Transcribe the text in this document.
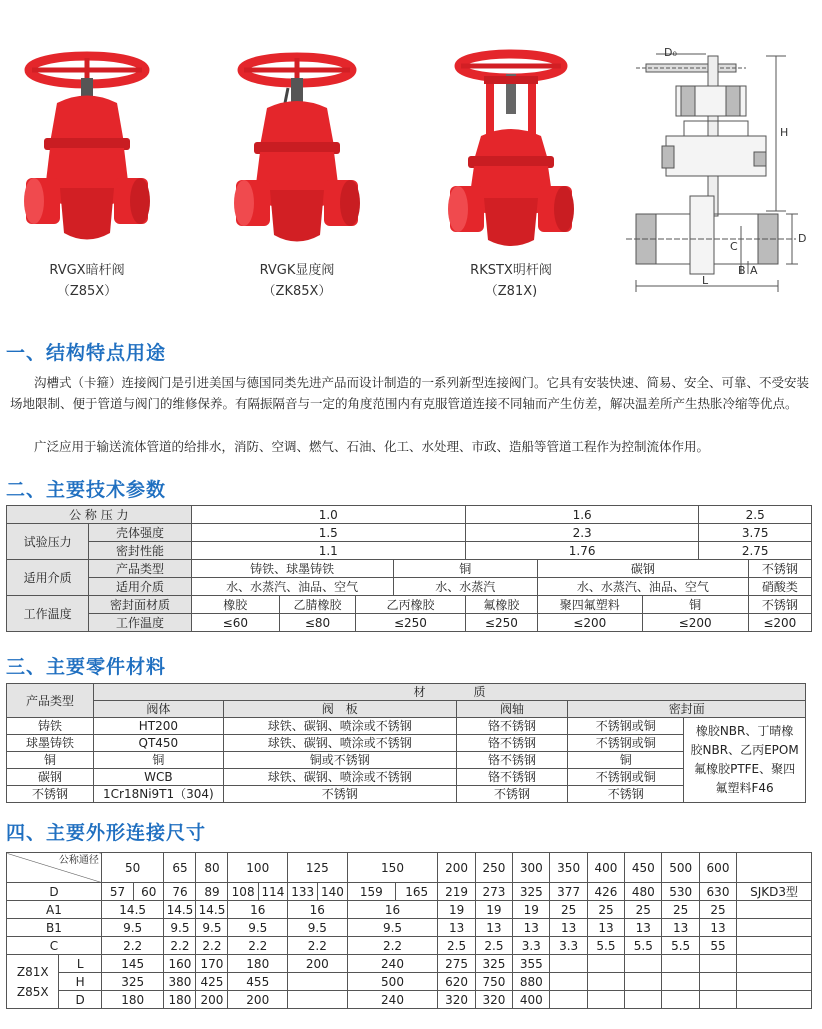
RVGX暗杆阀
（Z85X）
RVGK显度阀
（ZK85X）
RKSTX明杆阀
（Z81X)
D₀
H
D
C
B A
L
一、结构特点用途
沟槽式（卡箍）连接阀门是引进美国与德国同类先进产品而设计制造的一系列新型连接阀门。它具有安装快速、简易、安全、可靠、不受安装场地限制、便于管道与阀门的维修保养。有隔振隔音与一定的角度范围内有克服管道连接不同轴而产生仿差，解决温差所产生热胀冷缩等优点。
广泛应用于输送流体管道的给排水，消防、空调、燃气、石油、化工、水处理、市政、造船等管道工程作为控制流体作用。
二、主要技术参数
公 称 压 力		1.0				1.6			2.5	
试验压力	壳体强度	1.5				2.3			3.75	
	密封性能	1.1				1.76			2.75	
适用介质	产品类型	铸铁、球墨铸铁			铜		碳钢			不锈钢
	适用介质	水、水蒸汽、油品、空气			水、水蒸汽		水、水蒸汽、油品、空气			硝酸类
工作温度	密封面材质	橡胶	乙腈橡胶	乙丙橡胶		氟橡胶	聚四氟塑料	铜		不锈钢
	工作温度	≤60	≤80	≤250		≤250	≤200	≤200		≤200
三、主要零件材料
产品类型	材　　　　质				
	阀体	阀　板	阀轴	密封面	
铸铁	HT200	球铁、碳钢、喷涂或不锈钢	铬不锈钢	不锈钢或铜	橡胶NBR、丁晴橡
胶NBR、乙丙EPOM
氟橡胶PTFE、聚四
氟塑料F46

球墨铸铁	QT450	球铁、碳钢、喷涂或不锈钢	铬不锈钢	不锈钢或铜	
铜	铜	铜或不锈钢	铬不锈钢	铜	
碳钢	WCB	球铁、碳钢、喷涂或不锈钢	铬不锈钢	不锈钢或铜	
不锈钢	1Cr18Ni9T1（304)	不锈钢	不锈钢	不锈钢	
四、主要外形连接尺寸
公称通径		50		65	80	100		125		150		200	250	300	350	400	450	500	600	
D		57	60	76	89	108	114	133	140	159	165	219	273	325	377	426	480	530	630	SJKD3型
A1		14.5		14.5	14.5	16		16		16		19	19	19	25	25	25	25	25	
B1		9.5		9.5	9.5	9.5		9.5		9.5		13	13	13	13	13	13	13	13	
C		2.2		2.2	2.2	2.2		2.2		2.2		2.5	2.5	3.3	3.3	5.5	5.5	5.5	55	

Z81X
Z85X	L	145		160	170	180		200		240		275	325	355						
	H	325		380	425	455				500		620	750	880						
	D	180		180	200	200				240		320	320	400						
